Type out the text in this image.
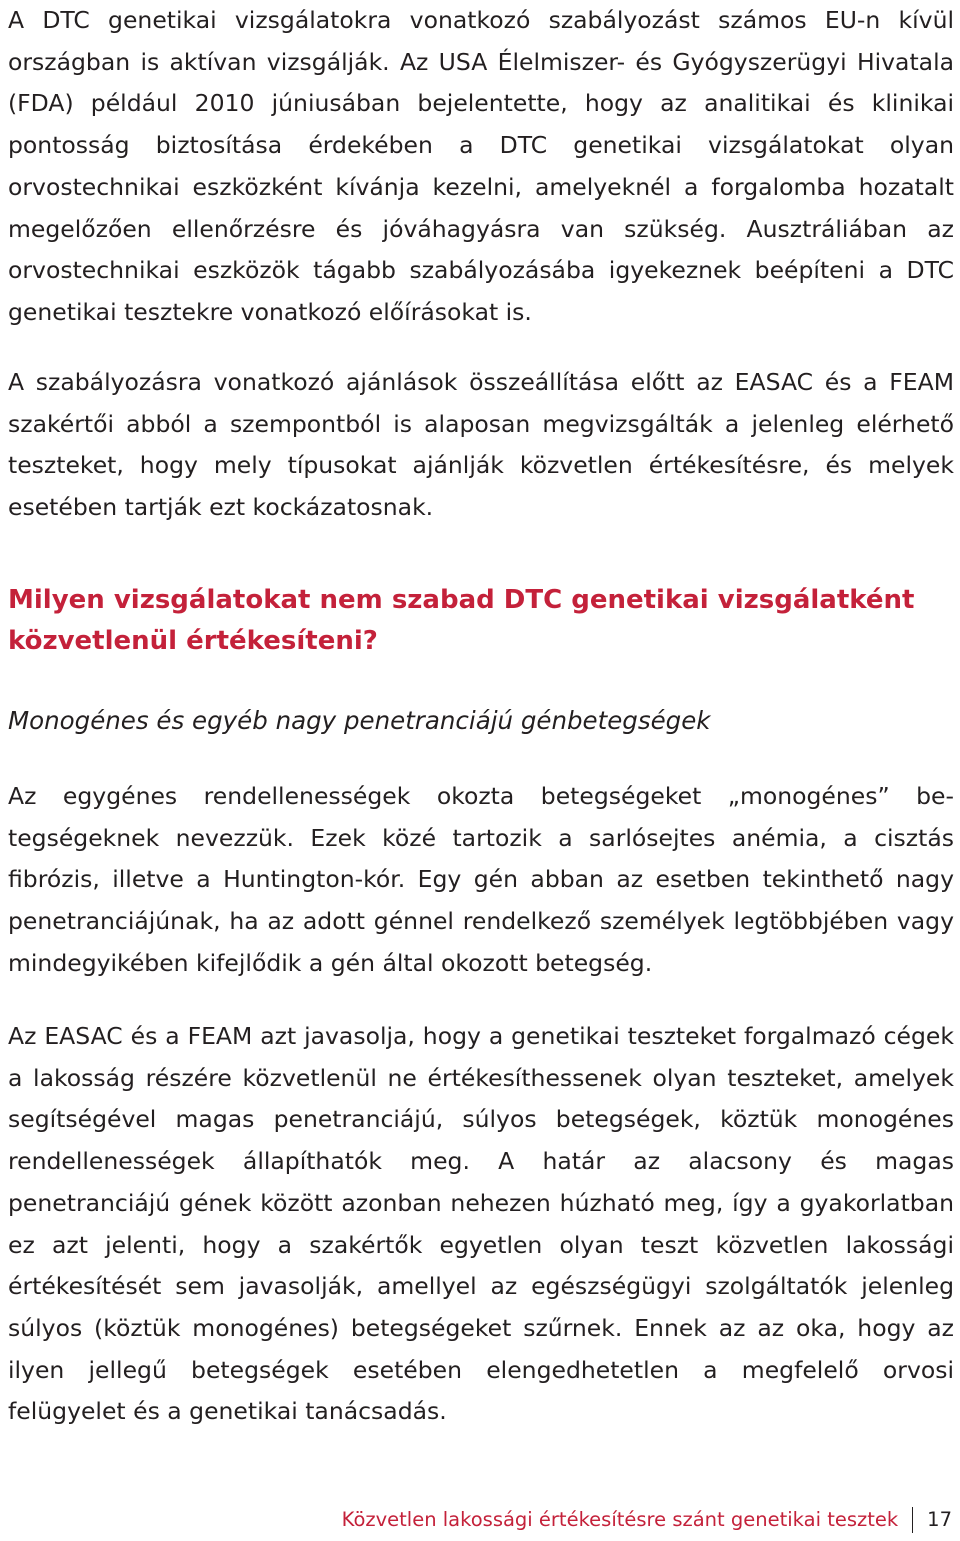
A DTC genetikai vizsgálatokra vonatkozó szabályozást számos EU-n kívül országban is aktívan vizsgálják. Az USA Élelmiszer- és Gyógyszerügyi Hivatala (FDA) például 2010 júniusában bejelentette, hogy az analitikai és klinikai pontosság biztosítása érdekében a DTC genetikai vizsgálatokat olyan orvostechnikai eszközként kívánja kezelni, amelyeknél a forgalomba hozatalt megelőzően ellenőrzésre és jóváhagyásra van szükség. Ausztráliában az orvostechnikai eszközök tágabb szabályozásába igyekeznek beépíteni a DTC genetikai tesztekre vonatkozó előírásokat is.

A szabályozásra vonatkozó ajánlások összeállítása előtt az EASAC és a FEAM szakértői abból a szempontból is alaposan megvizsgálták a jelenleg elérhető teszteket, hogy mely típusokat ajánlják közvetlen értékesítésre, és melyek esetében tartják ezt kockázatosnak.

Milyen vizsgálatokat nem szabad DTC genetikai vizsgálatként közvetlenül értékesíteni?
Monogénes és egyéb nagy penetranciájú génbetegségek

Az egygénes rendellenességek okozta betegségeket „monogénes” betegségeknek nevezzük. Ezek közé tartozik a sarlósejtes anémia, a cisztás fibrózis, illetve a Huntington-kór. Egy gén abban az esetben tekinthető nagy penetranciájúnak, ha az adott génnel rendelkező személyek legtöbbjében vagy mindegyikében kifejlődik a gén által okozott betegség.

Az EASAC és a FEAM azt javasolja, hogy a genetikai teszteket forgalmazó cégek a lakosság részére közvetlenül ne értékesíthessenek olyan teszteket, amelyek segítségével magas penetranciájú, súlyos betegségek, köztük monogénes rendellenességek állapíthatók meg. A határ az alacsony és magas penetranciájú gének között azonban nehezen húzható meg, így a gyakorlatban ez azt jelenti, hogy a szakértők egyetlen olyan teszt közvetlen lakossági értékesítését sem javasolják, amellyel az egészségügyi szolgáltatók jelenleg súlyos (köztük monogénes) betegségeket szűrnek. Ennek az az oka, hogy az ilyen jellegű betegségek esetében elengedhetetlen a megfelelő orvosi felügyelet és a genetikai tanácsadás.

Közvetlen lakossági értékesítésre szánt genetikai tesztek 17
